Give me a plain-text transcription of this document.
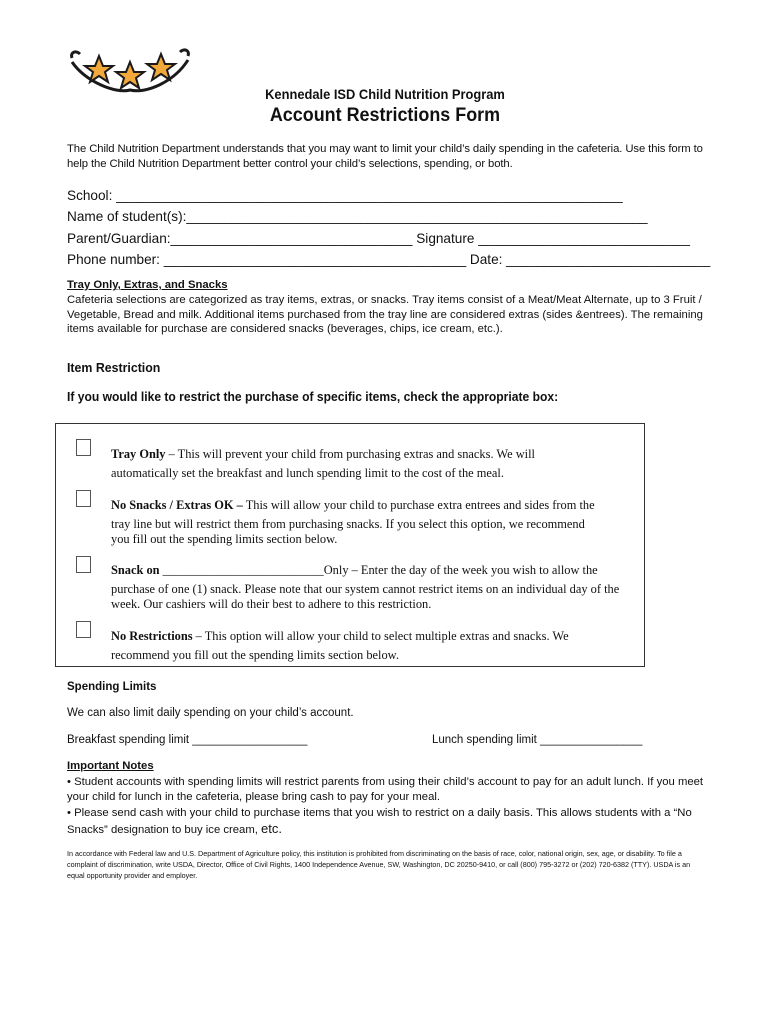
Kennedale ISD Child Nutrition Program
Account Restrictions Form
The Child Nutrition Department understands that you may want to limit your child’s daily spending in the cafeteria. Use this form to help the Child Nutrition Department better control your child’s selections, spending, or both.
School: ___________________________________________________________________
Name of student(s):_____________________________________________________________
Parent/Guardian:________________________________ Signature ____________________________
Phone number: ________________________________________ Date: ___________________________
Tray Only, Extras, and Snacks
Cafeteria selections are categorized as tray items, extras, or snacks. Tray items consist of a Meat/Meat Alternate, up to 3 Fruit / Vegetable, Bread and milk. Additional items purchased from the tray line are considered extras (sides &entrees). The remaining items available for purchase are considered snacks (beverages, chips, ice cream, etc.).
Item Restriction
If you would like to restrict the purchase of specific items, check the appropriate box:
Tray Only – This will prevent your child from purchasing extras and snacks. We will
automatically set the breakfast and lunch spending limit to the cost of the meal.
No Snacks / Extras OK – This will allow your child to purchase extra entrees and sides from the
tray line but will restrict them from purchasing snacks. If you select this option, we recommend
you fill out the spending limits section below.
Snack on __________________________Only – Enter the day of the week you wish to allow the
purchase of one (1) snack. Please note that our system cannot restrict items on an individual day of the
week. Our cashiers will do their best to adhere to this restriction.
No Restrictions – This option will allow your child to select multiple extras and snacks. We
recommend you fill out the spending limits section below.
Spending Limits
We can also limit daily spending on your child’s account.
Breakfast spending limit __________________	Lunch spending limit ________________
Important Notes
• Student accounts with spending limits will restrict parents from using their child’s account to pay for an adult lunch. If you meet your child for lunch in the cafeteria, please bring cash to pay for your meal.
• Please send cash with your child to purchase items that you wish to restrict on a daily basis. This allows students with a “No Snacks” designation to buy ice cream, etc.
In accordance with Federal law and U.S. Department of Agriculture policy, this institution is prohibited from discriminating on the basis of race, color, national origin, sex, age, or disability. To file a complaint of discrimination, write USDA, Director, Office of Civil Rights, 1400 Independence Avenue, SW, Washington, DC 20250-9410, or call (800) 795-3272 or (202) 720-6382 (TTY). USDA is an equal opportunity provider and employer.
